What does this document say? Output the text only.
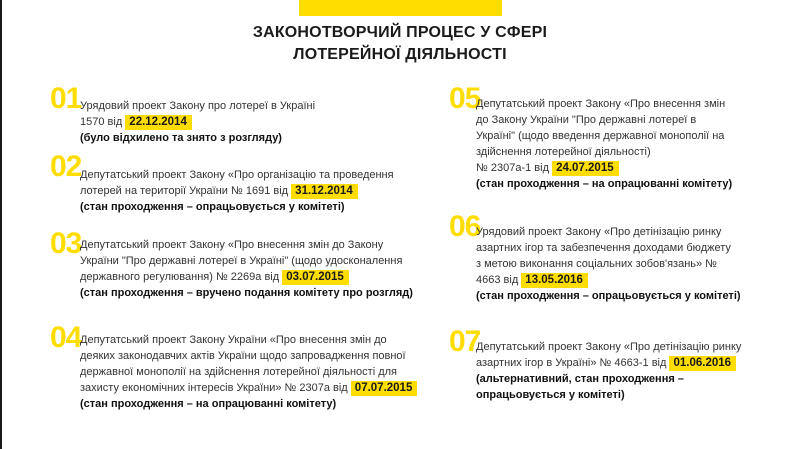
ЗАКОНОТВОРЧИЙ ПРОЦЕС У СФЕРІ
ЛОТЕРЕЙНОЇ ДІЯЛЬНОСТІ
01
Урядовий проект Закону про лотереї в Україні
1570 від 22.12.2014
(було відхилено та знято з розгляду)
02
Депутатський проект Закону «Про організацію та проведення
лотерей на території України № 1691 від 31.12.2014
(стан проходження – опрацьовується у комітеті)
03
Депутатський проект Закону «Про внесення змін до Закону
України "Про державні лотереї в Україні" (щодо удосконалення
державного регулювання) № 2269а від 03.07.2015
(стан проходження – вручено подання комітету про розгляд)
04
Депутатський проект Закону України «Про внесення змін до
деяких законодавчих актів України щодо запровадження повної
державної монополії на здійснення лотерейної діяльності для
захисту економічних інтересів України» № 2307а від 07.07.2015
(стан проходження – на опрацюванні комітету)
05
Депутатський проект Закону «Про внесення змін
до Закону України "Про державні лотереї в
Україні" (щодо введення державної монополії на
здійснення лотерейної діяльності)
№ 2307а-1 від 24.07.2015
(стан проходження – на опрацюванні комітету)
06
Урядовий проект Закону «Про детінізацію ринку
азартних ігор та забезпечення доходами бюджету
з метою виконання соціальних зобов'язань» №
4663 від 13.05.2016
(стан проходження – опрацьовується у комітеті)
07
Депутатський проект Закону «Про детінізацію ринку
азартних ігор в Україні» № 4663-1 від 01.06.2016
(альтернативний, стан проходження –
опрацьовується у комітеті)
